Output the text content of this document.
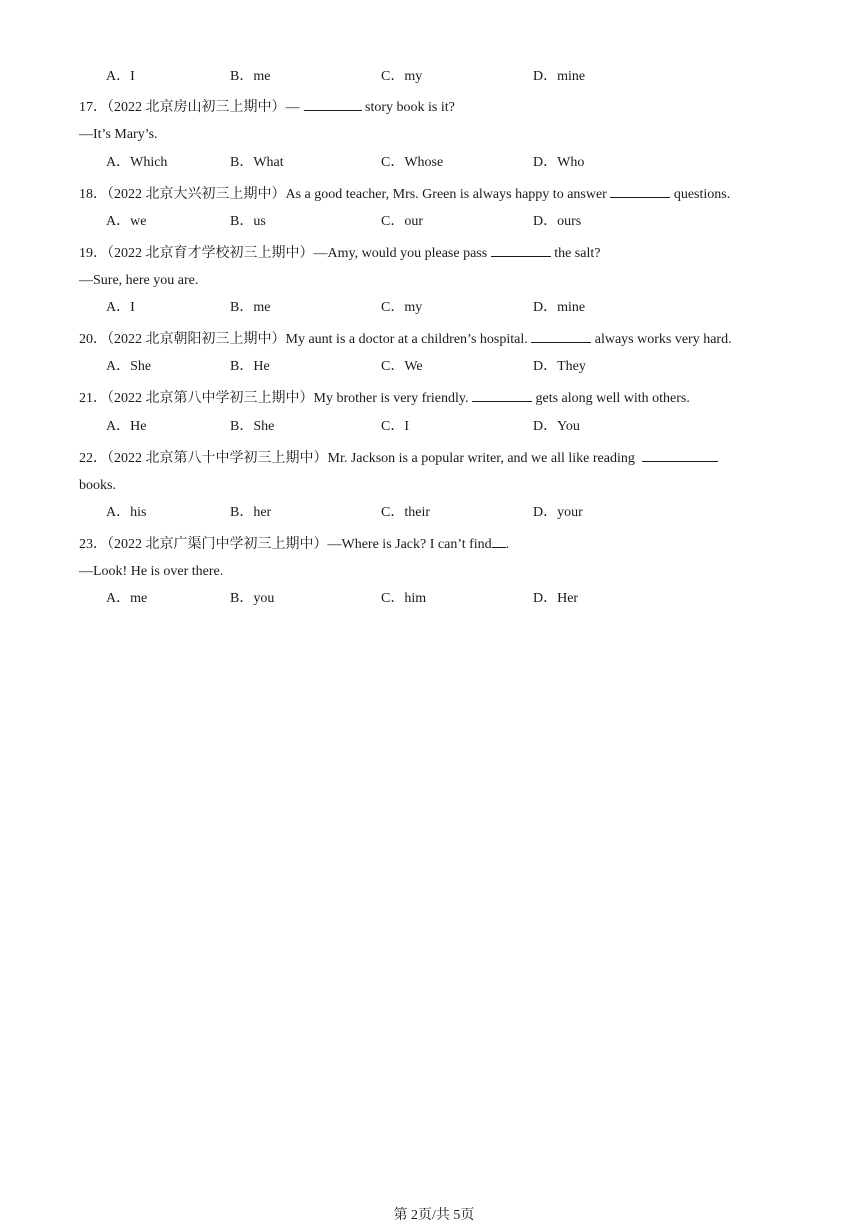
A．I	B．me	C．my	D．mine
17．（2022 北京房山初三上期中）—	story book is it?
—It’s Mary’s.
A．Which	B．What	C．Whose	D．Who
18．（2022 北京大兴初三上期中）As a good teacher, Mrs. Green is always happy to answer	questions.
A．we	B．us	C．our	D．ours
19．（2022 北京育才学校初三上期中）—Amy, would you please pass	the salt?
—Sure, here you are.
A．I	B．me	C．my	D．mine
20．（2022 北京朝阳初三上期中）My aunt is a doctor at a children’s hospital.	always works very hard.
A．She	B．He	C．We	D．They
21．（2022 北京第八中学初三上期中）My brother is very friendly.	gets along well with others.
A．He	B．She	C．I	D．You
22．（2022 北京第八十中学初三上期中）Mr. Jackson is a popular writer, and we all like reading
books.
A．his	B．her	C．their	D．your
23．（2022 北京广渠门中学初三上期中）—Where is Jack? I can’t find .
—Look! He is over there.
A．me	B．you	C．him	D．Her
第 2页/共 5页
